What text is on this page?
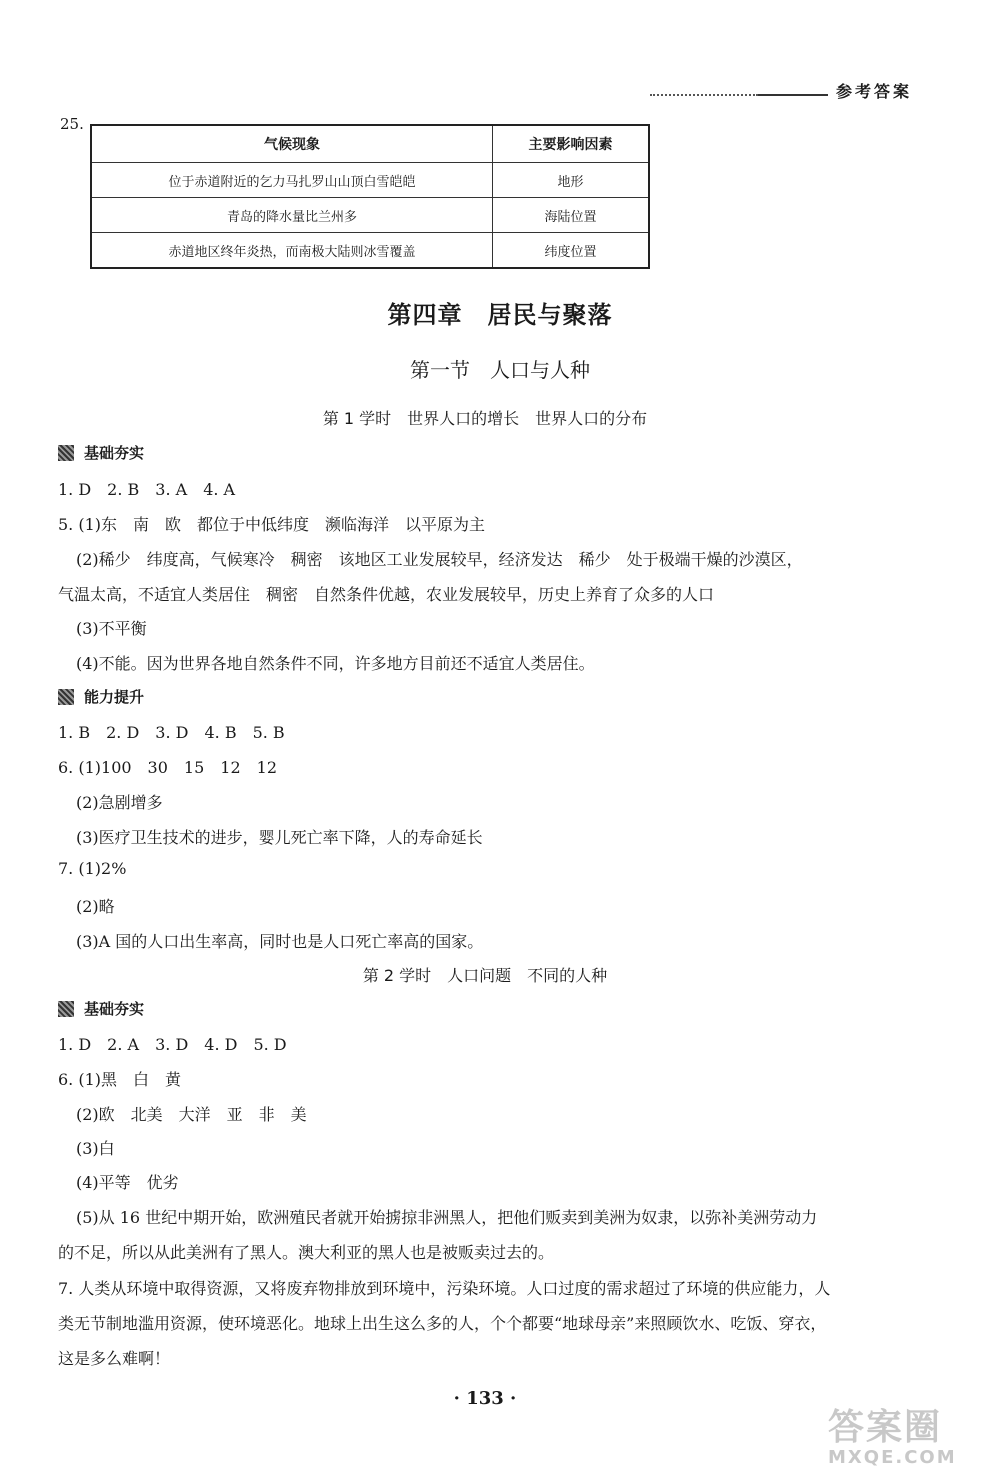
参考答案
25.
气候现象	主要影响因素
位于赤道附近的乞力马扎罗山山顶白雪皑皑	地形
青岛的降水量比兰州多	海陆位置
赤道地区终年炎热，而南极大陆则冰雪覆盖	纬度位置
第四章　居民与聚落
第一节　人口与人种
第 1 学时　世界人口的增长　世界人口的分布
基础夯实
1. D　2. B　3. A　4. A
5. (1)东　南　欧　都位于中低纬度　濒临海洋　以平原为主
(2)稀少　纬度高，气候寒冷　稠密　该地区工业发展较早，经济发达　稀少　处于极端干燥的沙漠区，
气温太高，不适宜人类居住　稠密　自然条件优越，农业发展较早，历史上养育了众多的人口
(3)不平衡
(4)不能。因为世界各地自然条件不同，许多地方目前还不适宜人类居住。
能力提升
1. B　2. D　3. D　4. B　5. B
6. (1)100　30　15　12　12
(2)急剧增多
(3)医疗卫生技术的进步，婴儿死亡率下降，人的寿命延长
7. (1)2%
(2)略
(3)A 国的人口出生率高，同时也是人口死亡率高的国家。
第 2 学时　人口问题　不同的人种
基础夯实
1. D　2. A　3. D　4. D　5. D
6. (1)黑　白　黄
(2)欧　北美　大洋　亚　非　美
(3)白
(4)平等　优劣
(5)从 16 世纪中期开始，欧洲殖民者就开始掳掠非洲黑人，把他们贩卖到美洲为奴隶，以弥补美洲劳动力
的不足，所以从此美洲有了黑人。澳大利亚的黑人也是被贩卖过去的。
7. 人类从环境中取得资源，又将废弃物排放到环境中，污染环境。人口过度的需求超过了环境的供应能力，人
类无节制地滥用资源，使环境恶化。地球上出生这么多的人，个个都要“地球母亲”来照顾饮水、吃饭、穿衣，
这是多么难啊！
· 133 ·
答案圈
MXQE.COM
